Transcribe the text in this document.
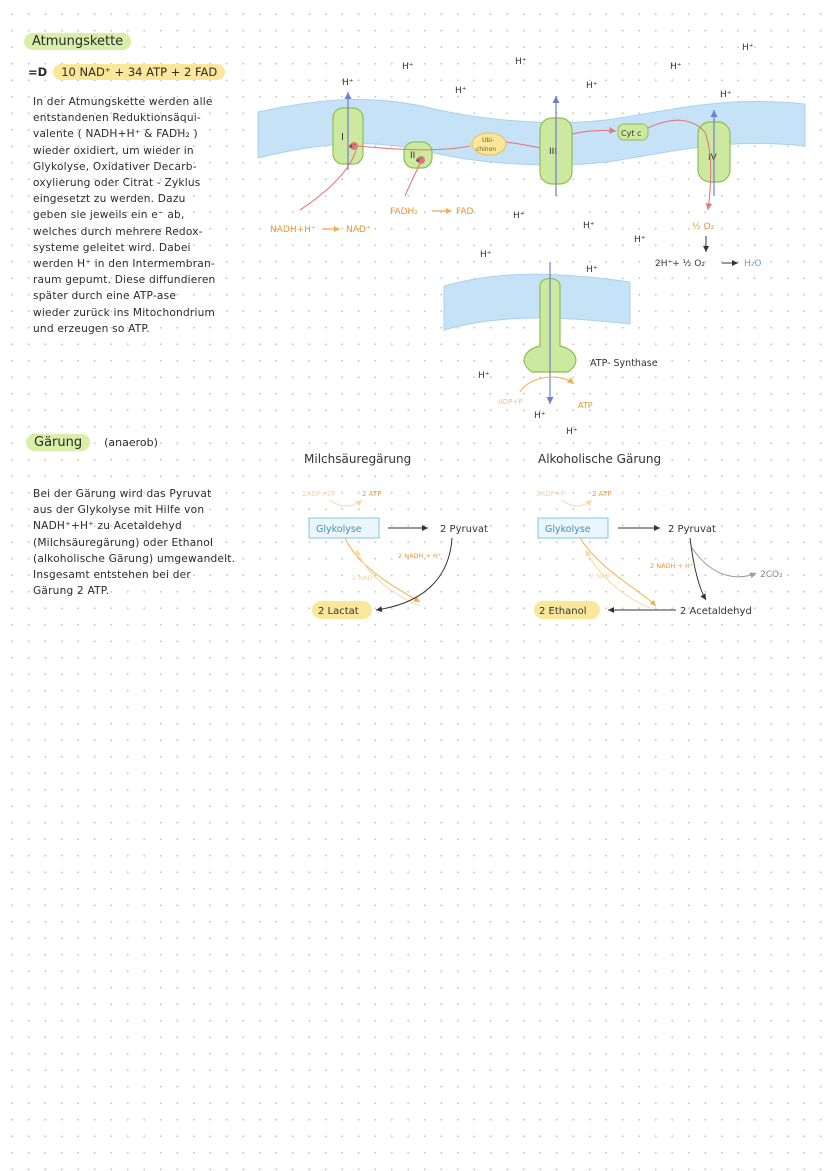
Atmungskette
=D	10 NAD⁺ + 34 ATP + 2 FAD
In der Atmungskette werden alle
entstandenen Reduktionsäqui-
valente ( NADH+H⁺ & FADH₂ )
wieder oxidiert, um wieder in
Glykolyse, Oxidativer Decarb-
oxylierung oder Citrat - Zyklus
eingesetzt zu werden. Dazu
geben sie jeweils ein e⁻ ab,
welches durch mehrere Redox-
systeme geleitet wird. Dabei
werden H⁺ in den Intermembran-
raum gepumt. Diese diffundieren
später durch eine ATP-ase
wieder zurück ins Mitochondrium
und erzeugen so ATP.
I
H⁺
II
Ubi-
chinon	III
Cyt c
IV
e⁻
e⁻
NADH+H⁺	NAD⁺
FADH₂	FAD
H⁺
H⁺
H⁺
H⁺
H⁺
H⁺
H⁺
H⁺
H⁺
H⁺
H⁺
H⁺
½ O₂
2H⁺+ ½ O₂	H₂O
ATP- Synthase
ADP+P	ATP
H⁺
H⁺
H⁺
Gärung	(anaerob)
Bei der Gärung wird das Pyruvat
aus der Glykolyse mit Hilfe von
NADH⁺+H⁺ zu Acetaldehyd
(Milchsäuregärung) oder Ethanol
(alkoholische Gärung) umgewandelt.
Insgesamt entstehen bei der
Gärung 2 ATP.
Milchsäuregärung
2ADP+2P	2 ATP
Glykolyse	2 Pyruvat
2 NADH + H⁺
2 NAD⁺
2 Lactat
Alkoholische Gärung
2ADP+P	2 ATP
Glykolyse	2 Pyruvat
2CO₂
2 NADH + H⁺
2 NAD⁺
2 Acetaldehyd
2 Ethanol
